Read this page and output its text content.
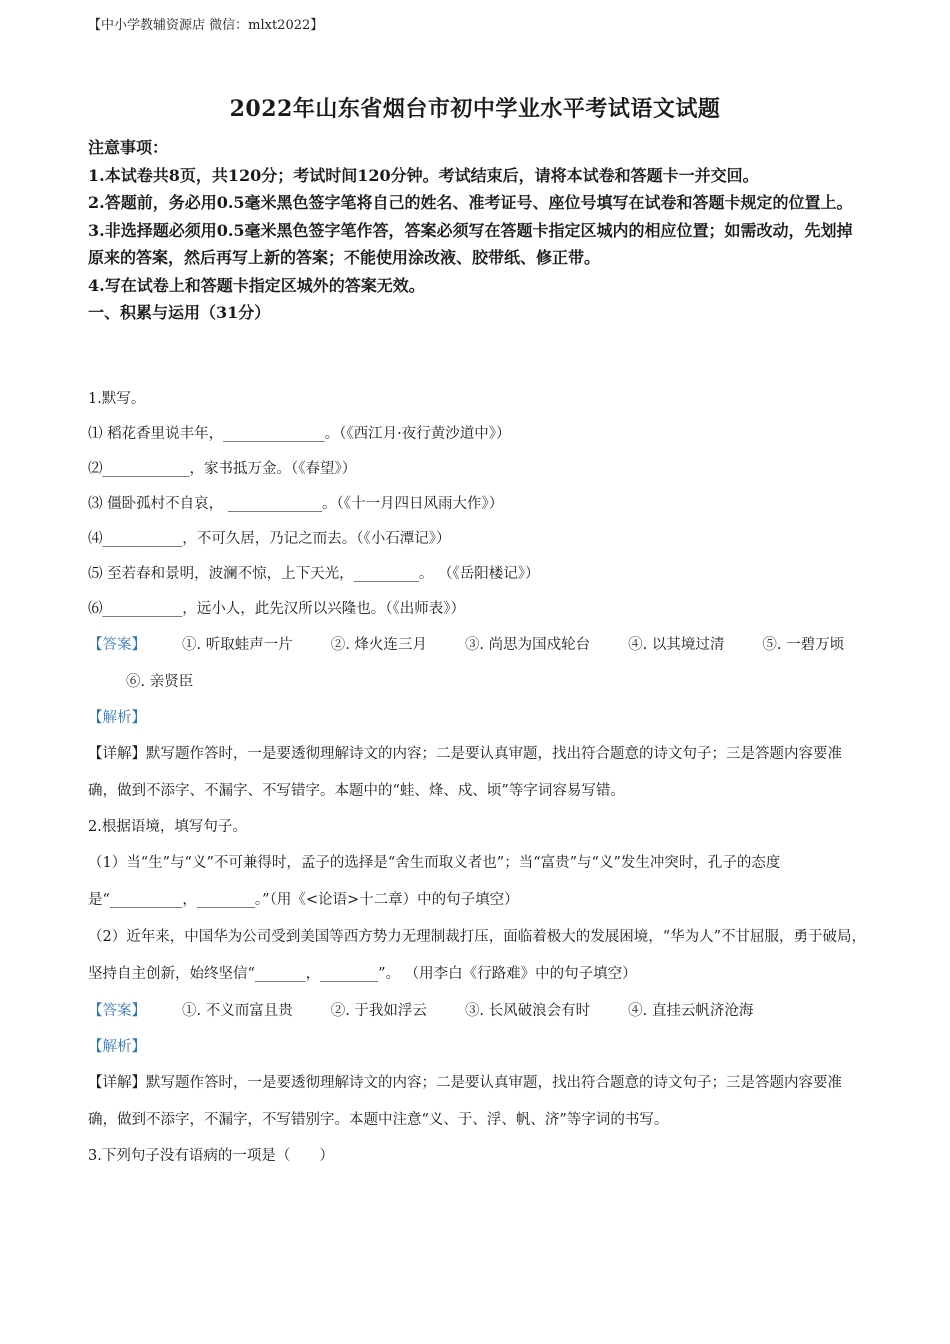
【中小学教辅资源店 微信：mlxt2022】
2022年山东省烟台市初中学业水平考试语文试题
注意事项：
1.本试卷共8页，共120分；考试时间120分钟。考试结束后，请将本试卷和答题卡一并交回。
2.答题前，务必用0.5毫米黑色签字笔将自己的姓名、准考证号、座位号填写在试卷和答题卡规定的位置上。
3.非选择题必须用0.5毫米黑色签字笔作答，答案必须写在答题卡指定区城内的相应位置；如需改动，先划掉原来的答案，然后再写上新的答案；不能使用涂改液、胶带纸、修正带。
4.写在试卷上和答题卡指定区城外的答案无效。
一、积累与运用（31分）
1.默写。
⑴ 稻花香里说丰年，______________。（《西江月·夜行黄沙道中》）
⑵____________，家书抵万金。（《春望》）
⑶ 僵卧孤村不自哀， _____________。（《十一月四日风雨大作》）
⑷___________，不可久居，乃记之而去。（《小石潭记》）
⑸ 至若春和景明，波澜不惊，上下天光，_________。 （《岳阳楼记》）
⑹___________，远小人，此先汉所以兴隆也。（《出师表》）
【答案】 ①. 听取蛙声一片	②. 烽火连三月	③. 尚思为国戍轮台	④. 以其境过清	⑤. 一碧万顷⑥. 亲贤臣
【解析】
【详解】默写题作答时，一是要透彻理解诗文的内容；二是要认真审题，找出符合题意的诗文句子；三是答题内容要准确，做到不添字、不漏字、不写错字。本题中的“蛙、烽、戍、顷”等字词容易写错。
2.根据语境，填写句子。
（1）当“生”与“义”不可兼得时，孟子的选择是“舍生而取义者也”；当“富贵”与“义”发生冲突时，孔子的态度是“__________，________。”（用《<论语>十二章）中的句子填空）
（2）近年来，中国华为公司受到美国等西方势力无理制裁打压，面临着极大的发展困境，“华为人”不甘屈服，勇于破局，坚持自主创新，始终坚信“_______，________”。 （用李白《行路难》中的句子填空）
【答案】 ①. 不义而富且贵	②. 于我如浮云	③. 长风破浪会有时	④. 直挂云帆济沧海
【解析】
【详解】默写题作答时，一是要透彻理解诗文的内容；二是要认真审题，找出符合题意的诗文句子；三是答题内容要准确，做到不添字，不漏字，不写错别字。本题中注意“义、于、浮、帆、济”等字词的书写。
3.下列句子没有语病的一项是（　　）
